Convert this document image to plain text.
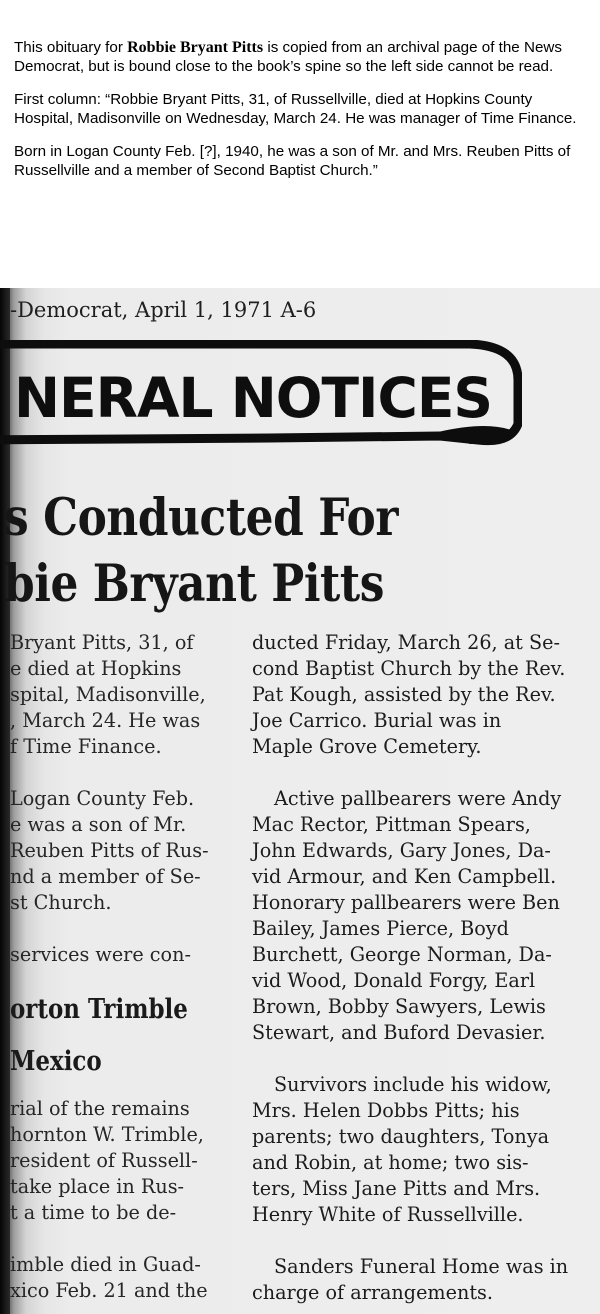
This obituary for Robbie Bryant Pitts is copied from an archival page of the News Democrat, but is bound close to the book’s spine so the left side cannot be read.

First column: “Robbie Bryant Pitts, 31, of Russellville, died at Hopkins County Hospital, Madisonville on Wednesday, March 24. He was manager of Time Finance.

Born in Logan County Feb. [?], 1940, he was a son of Mr. and Mrs. Reuben Pitts of Russellville and a member of Second Baptist Church.”

-Democrat, April 1, 1971 A-6
NERAL NOTICES
s Conducted For
bie Bryant Pitts
Bryant Pitts, 31, of
e died at Hopkins
spital, Madisonville,
, March 24. He was
f Time Finance.
Logan County Feb.
e was a son of Mr.
Reuben Pitts of Rus-
nd a member of Se-
st Church.
services were con-
orton Trimble
Mexico
rial of the remains
hornton W. Trimble,
resident of Russell-
take place in Rus-
t a time to be de-
imble died in Guad-
xico Feb. 21 and the
ducted Friday, March 26, at Se-
cond Baptist Church by the Rev.
Pat Kough, assisted by the Rev.
Joe Carrico. Burial was in
Maple Grove Cemetery.
Active pallbearers were Andy
Mac Rector, Pittman Spears,
John Edwards, Gary Jones, Da-
vid Armour, and Ken Campbell.
Honorary pallbearers were Ben
Bailey, James Pierce, Boyd
Burchett, George Norman, Da-
vid Wood, Donald Forgy, Earl
Brown, Bobby Sawyers, Lewis
Stewart, and Buford Devasier.
Survivors include his widow,
Mrs. Helen Dobbs Pitts; his
parents; two daughters, Tonya
and Robin, at home; two sis-
ters, Miss Jane Pitts and Mrs.
Henry White of Russellville.
Sanders Funeral Home was in
charge of arrangements.
